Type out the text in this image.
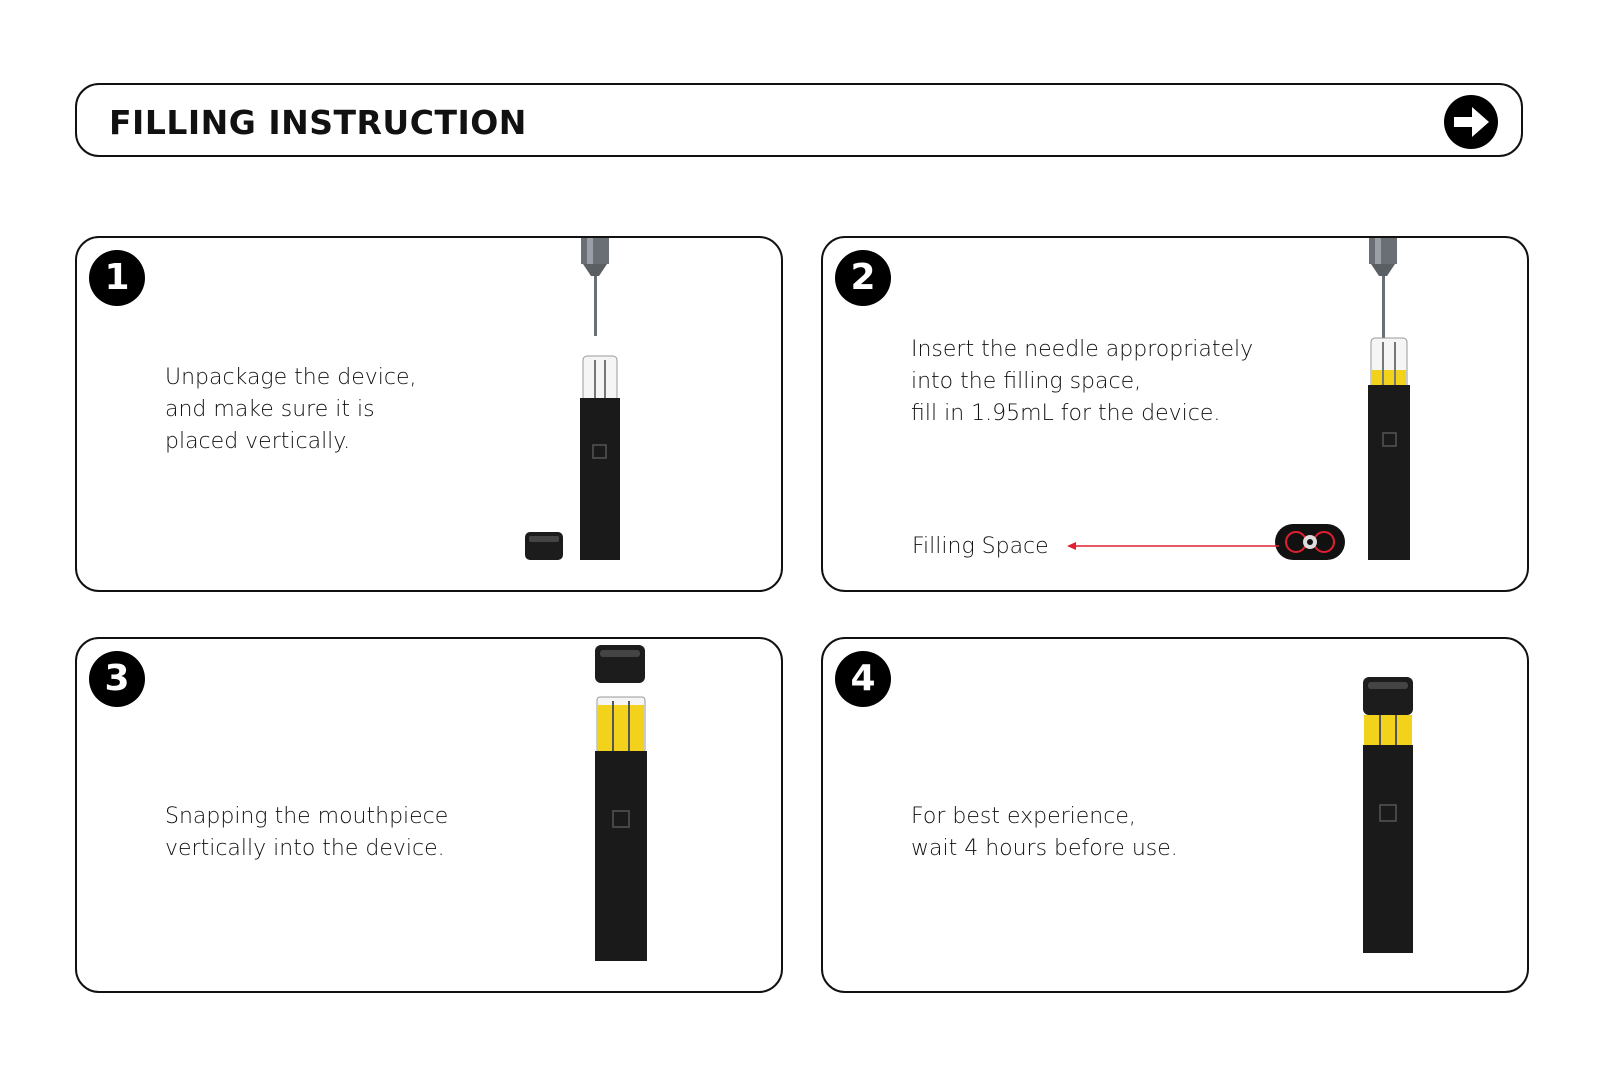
FILLING INSTRUCTION
1
Unpackage the device,
and make sure it is
placed vertically.
2
Insert the needle appropriately
into the filling space,
fill in 1.95mL for the device.
Filling Space
3
Snapping the mouthpiece
vertically into the device.
4
For best experience,
wait 4 hours before use.
